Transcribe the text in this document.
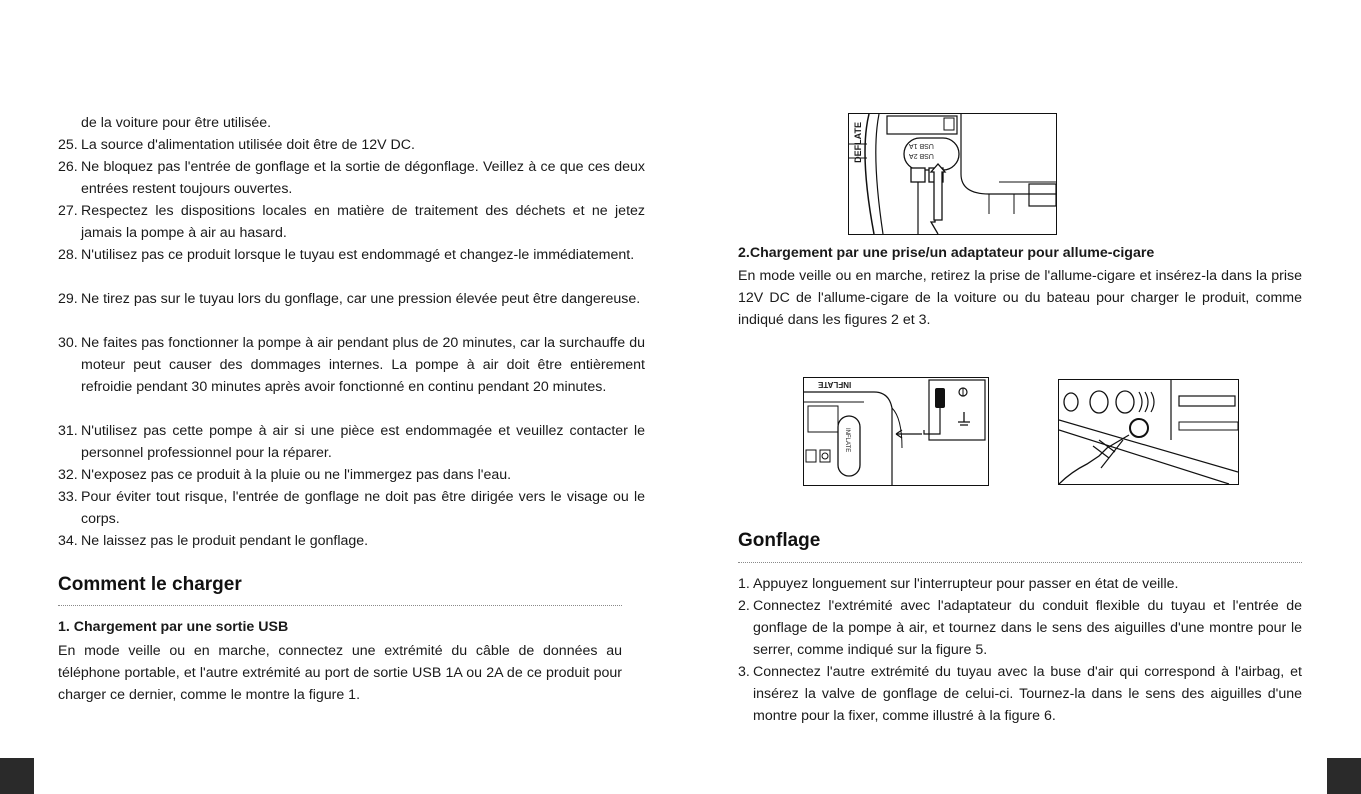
de la voiture pour être utilisée.

25. La source d'alimentation utilisée doit être de 12V DC.

26. Ne bloquez pas l'entrée de gonflage et la sortie de dégonflage. Veillez à ce que ces deux entrées restent toujours ouvertes.

27. Respectez les dispositions locales en matière de traitement des déchets et ne jetez jamais la pompe à air au hasard.

28. N'utilisez pas ce produit lorsque le tuyau est endommagé et changez-le immédiatement.

29. Ne tirez pas sur le tuyau lors du gonflage, car une pression élevée peut être dangereuse.

30. Ne faites pas fonctionner la pompe à air pendant plus de 20 minutes, car la surchauffe du moteur peut causer des dommages internes. La pompe à air doit être entièrement refroidie pendant 30 minutes après avoir fonctionné en continu pendant 20 minutes.

31. N'utilisez pas cette pompe à air si une pièce est endommagée et veuillez contacter le personnel professionnel pour la réparer.

32. N'exposez pas ce produit à la pluie ou ne l'immergez pas dans l'eau.

33. Pour éviter tout risque, l'entrée de gonflage ne doit pas être dirigée vers le visage ou le corps.

34. Ne laissez pas le produit pendant le gonflage.

Comment le charger
1. Chargement par une sortie USB

En mode veille ou en marche, connectez une extrémité du câble de données au téléphone portable, et l'autre extrémité au port de sortie USB 1A ou 2A de ce produit pour charger ce dernier, comme le montre la figure 1.

DEFLATE	USB 1A
USB 2A
2.Chargement par une prise/un adaptateur pour allume-cigare

En mode veille ou en marche, retirez la prise de l'allume-cigare et insérez-la dans la prise 12V DC de l'allume-cigare de la voiture ou du bateau pour charger le produit, comme indiqué dans les figures 2 et 3.

INFLATE
INFLATE
Gonflage

1. Appuyez longuement sur l'interrupteur pour passer en état de veille.

2. Connectez l'extrémité avec l'adaptateur du conduit flexible du tuyau et l'entrée de gonflage de la pompe à air, et tournez dans le sens des aiguilles d'une montre pour le serrer, comme indiqué sur la figure 5.

3. Connectez l'autre extrémité du tuyau avec la buse d'air qui correspond à l'airbag, et insérez la valve de gonflage de celui-ci. Tournez-la dans le sens des aiguilles d'une montre pour la fixer, comme illustré à la figure 6.
